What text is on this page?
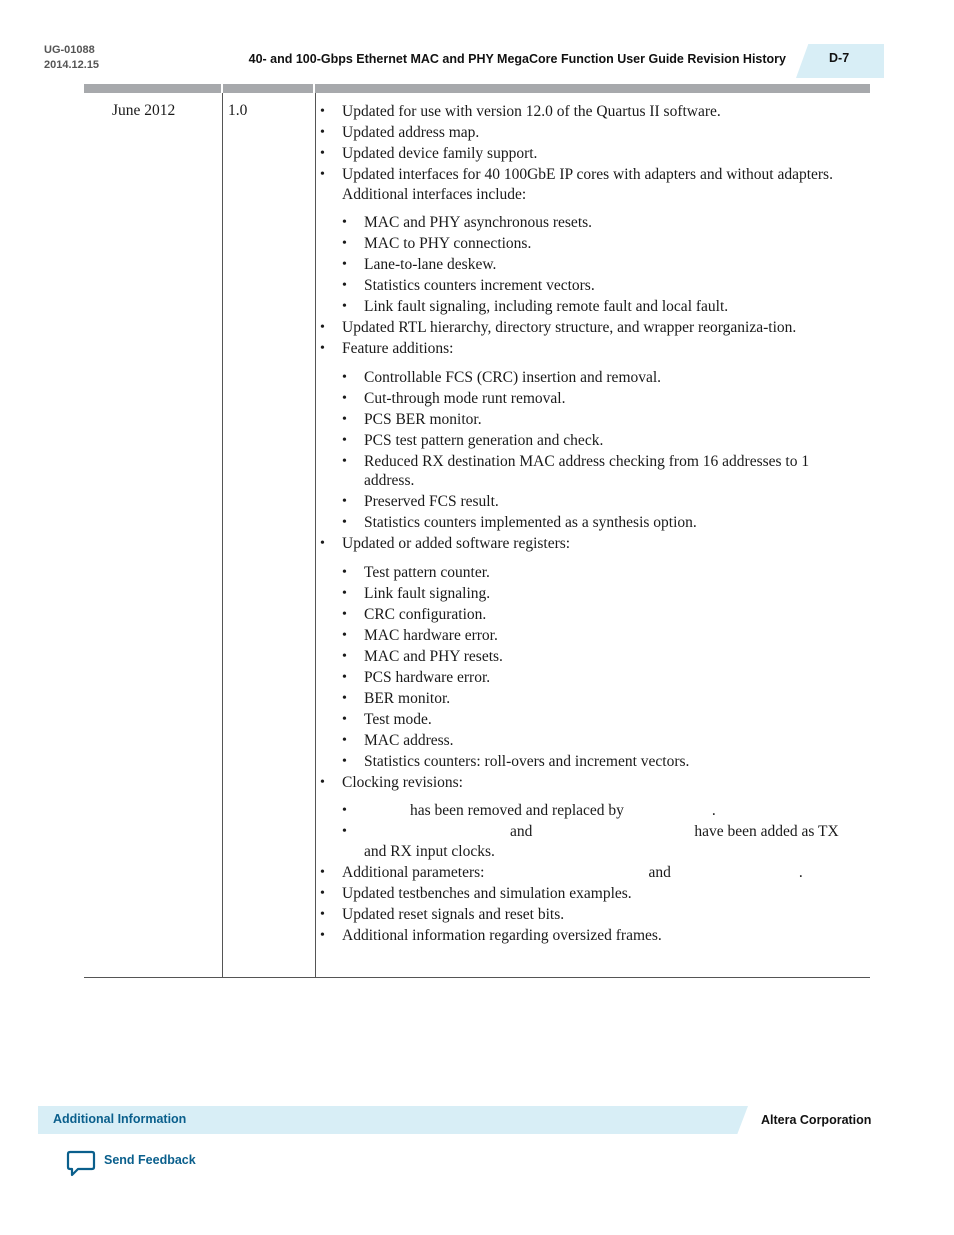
UG-01088
2014.12.15	40- and 100-Gbps Ethernet MAC and PHY MegaCore Function User Guide Revision History	D-7
June 2012	1.0	• Updated for use with version 12.0 of the Quartus II software.
• Updated address map.
• Updated device family support.
• Updated interfaces for 40 100GbE IP cores with adapters and without adapters. Additional interfaces include:
• MAC and PHY asynchronous resets.
• MAC to PHY connections.
• Lane-to-lane deskew.
• Statistics counters increment vectors.
• Link fault signaling, including remote fault and local fault.
• Updated RTL hierarchy, directory structure, and wrapper reorganiza-tion.
• Feature additions:
• Controllable FCS (CRC) insertion and removal.
• Cut-through mode runt removal.
• PCS BER monitor.
• PCS test pattern generation and check.
• Reduced RX destination MAC address checking from 16 addresses to 1 address.
• Preserved FCS result.
• Statistics counters implemented as a synthesis option.
• Updated or added software registers:
• Test pattern counter.
• Link fault signaling.
• CRC configuration.
• MAC hardware error.
• MAC and PHY resets.
• PCS hardware error.
• BER monitor.
• Test mode.
• MAC address.
• Statistics counters: roll-overs and increment vectors.
• Clocking revisions:
•	has been removed and replaced by	.
•	and	have been added as TX and RX input clocks.
• Additional parameters:	and	.
• Updated testbenches and simulation examples.
• Updated reset signals and reset bits.
• Additional information regarding oversized frames.
Additional Information	Altera Corporation
Send Feedback
